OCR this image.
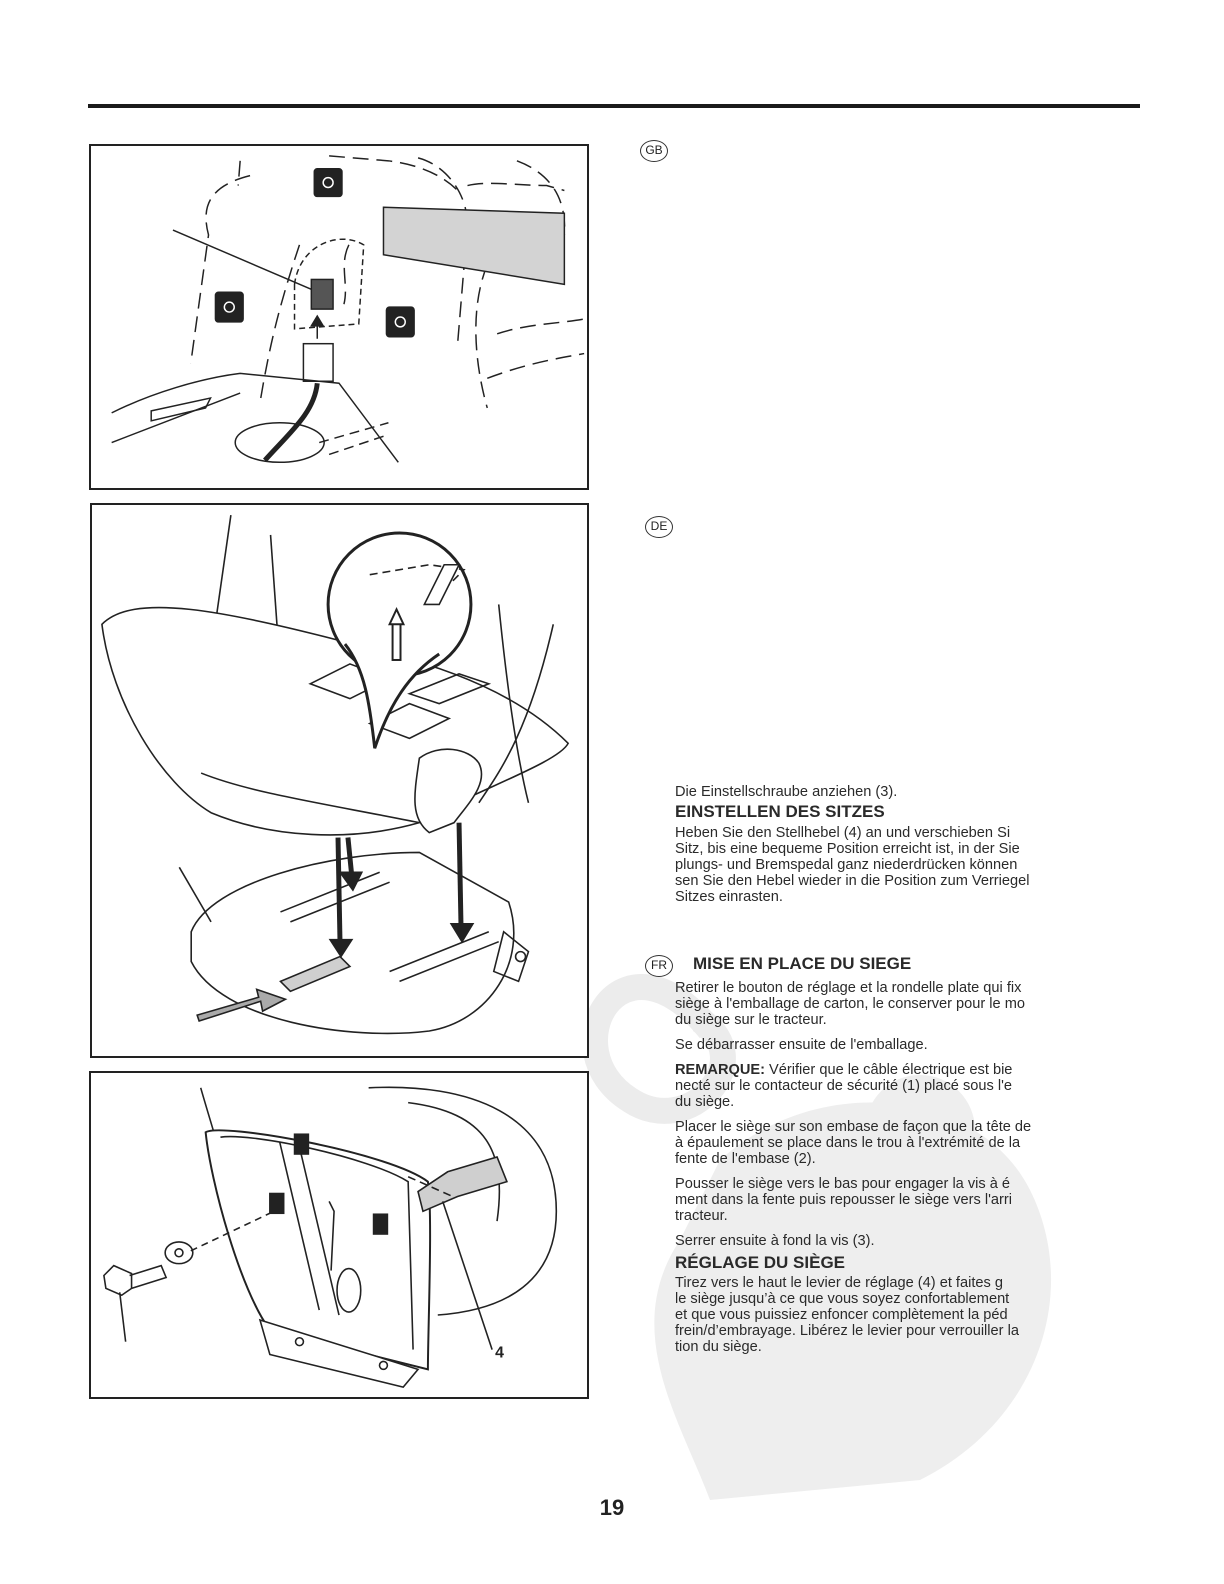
4
GB
DE
FR

Die Einstellschraube anziehen (3).

EINSTELLEN DES SITZES

Heben Sie den Stellhebel (4) an und verschieben Si
Sitz, bis eine bequeme Position erreicht ist, in der Sie
plungs- und Bremspedal ganz niederdrücken können
sen Sie den Hebel wieder in die Position zum Verriegel
Sitzes einrasten.

MISE EN PLACE DU SIEGE

Retirer le bouton de réglage et la rondelle plate qui fix
siège à l'emballage de carton, le conserver pour le mo
du siège sur le tracteur.

Se débarrasser ensuite de l'emballage.

REMARQUE: Vérifier que le câble électrique est bie
necté sur le contacteur de sécurité (1) placé sous l'e
du siège.

Placer le siège sur son embase de façon que la tête de
à épaulement se place dans le trou à l'extrémité de la
fente de l'embase (2).

Pousser le siège vers le bas pour engager la vis à é
ment dans la fente puis repousser le siège vers l'arri
tracteur.

Serrer ensuite à fond la vis (3).

RÉGLAGE DU SIÈGE

Tirez vers le haut le levier de réglage (4) et faites g
le siège jusqu’à ce que vous soyez confortablement
et que vous puissiez enfoncer complètement la péd
frein/d’embrayage. Libérez le levier pour verrouiller la
tion du siège.

19
